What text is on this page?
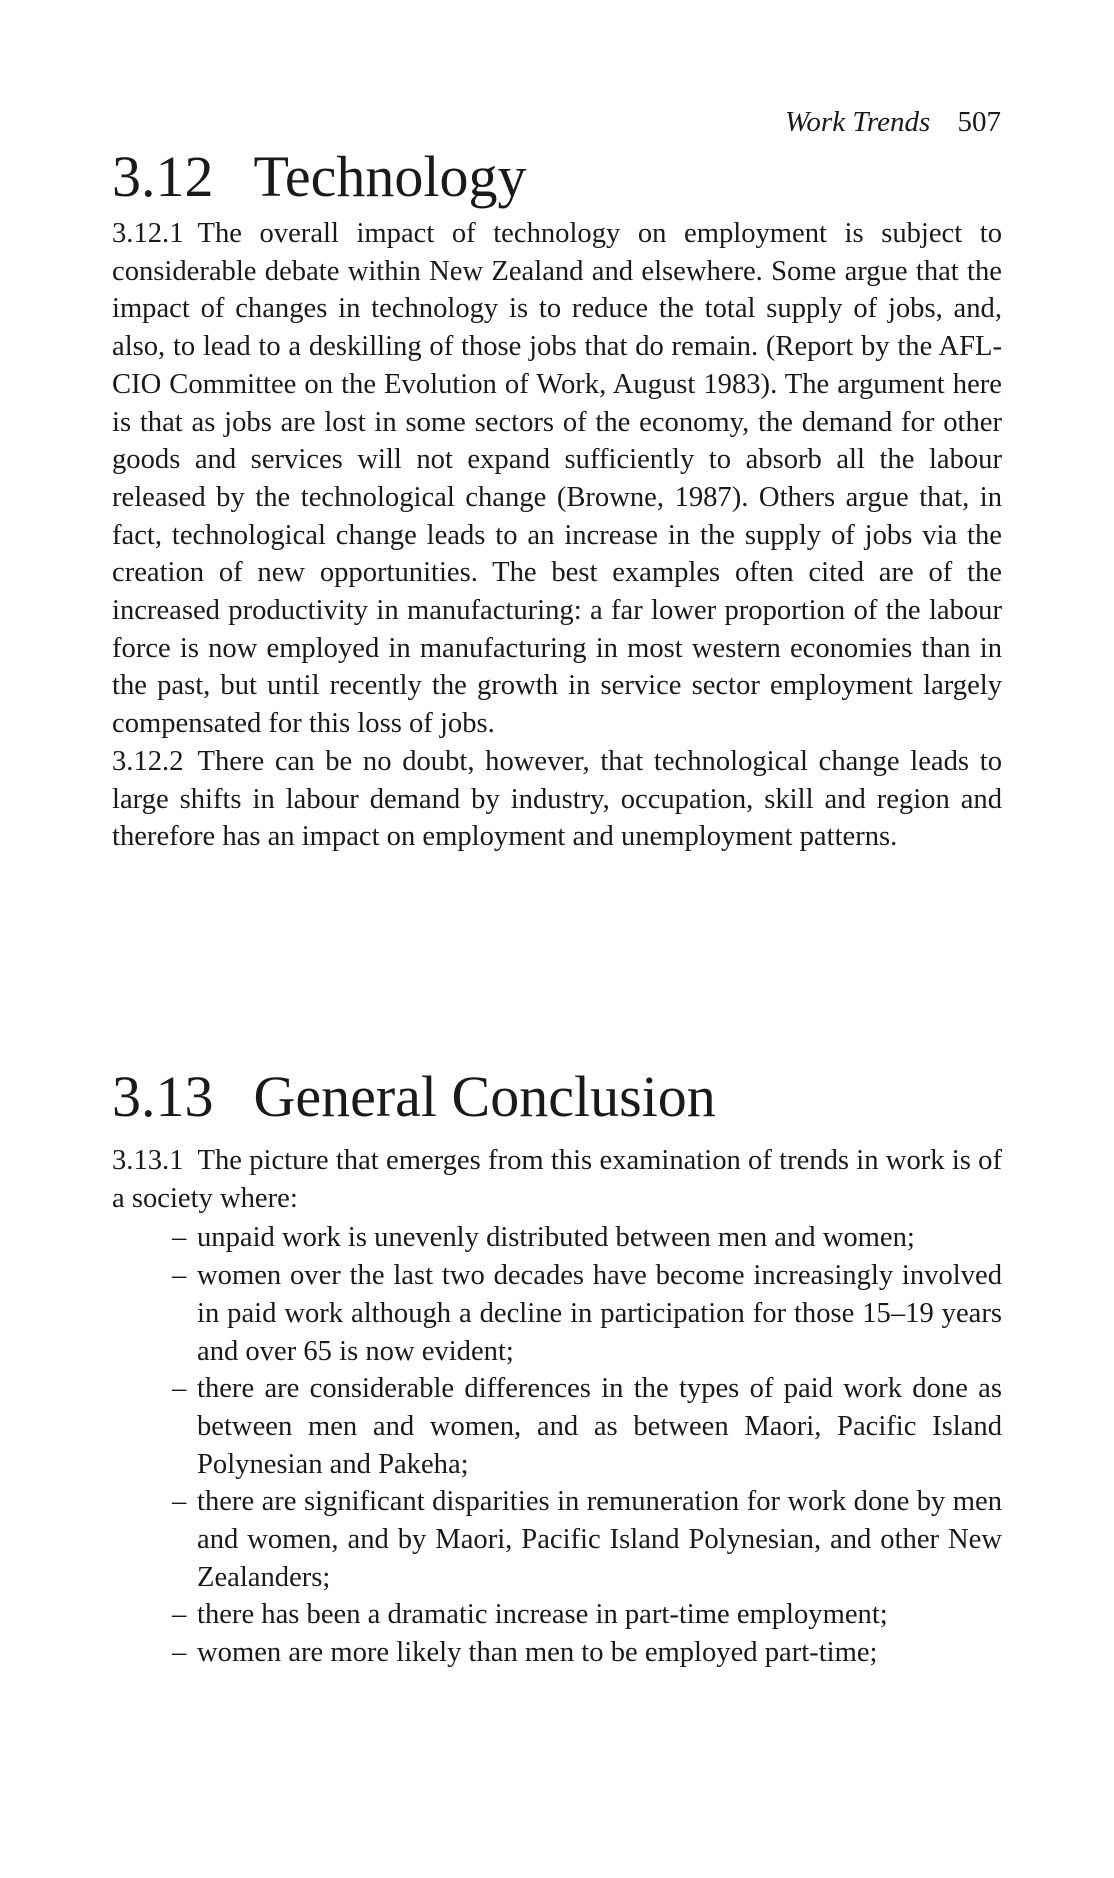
Work Trends 507
3.12 Technology

3.12.1 The overall impact of technology on employment is subject to considerable debate within New Zealand and elsewhere. Some argue that the impact of changes in technology is to reduce the total supply of jobs, and, also, to lead to a deskilling of those jobs that do remain. (Report by the AFL-CIO Committee on the Evolution of Work, August 1983). The argument here is that as jobs are lost in some sectors of the economy, the demand for other goods and services will not expand sufficiently to absorb all the labour released by the technological change (Browne, 1987). Others argue that, in fact, technological change leads to an increase in the supply of jobs via the creation of new opportunities. The best examples often cited are of the increased productivity in manufacturing: a far lower proportion of the labour force is now employed in manufacturing in most western economies than in the past, but until recently the growth in service sector employment largely compensated for this loss of jobs.

3.12.2 There can be no doubt, however, that technological change leads to large shifts in labour demand by industry, occupation, skill and region and therefore has an impact on employment and unemployment patterns.

3.13 General Conclusion

3.13.1 The picture that emerges from this examination of trends in work is of a society where:

– unpaid work is unevenly distributed between men and women;
– women over the last two decades have become increasingly involved in paid work although a decline in participation for those 15–19 years and over 65 is now evident;
– there are considerable differences in the types of paid work done as between men and women, and as between Maori, Pacific Island Polynesian and Pakeha;
– there are significant disparities in remuneration for work done by men and women, and by Maori, Pacific Island Polynesian, and other New Zealanders;
– there has been a dramatic increase in part-time employment;
– women are more likely than men to be employed part-time;
